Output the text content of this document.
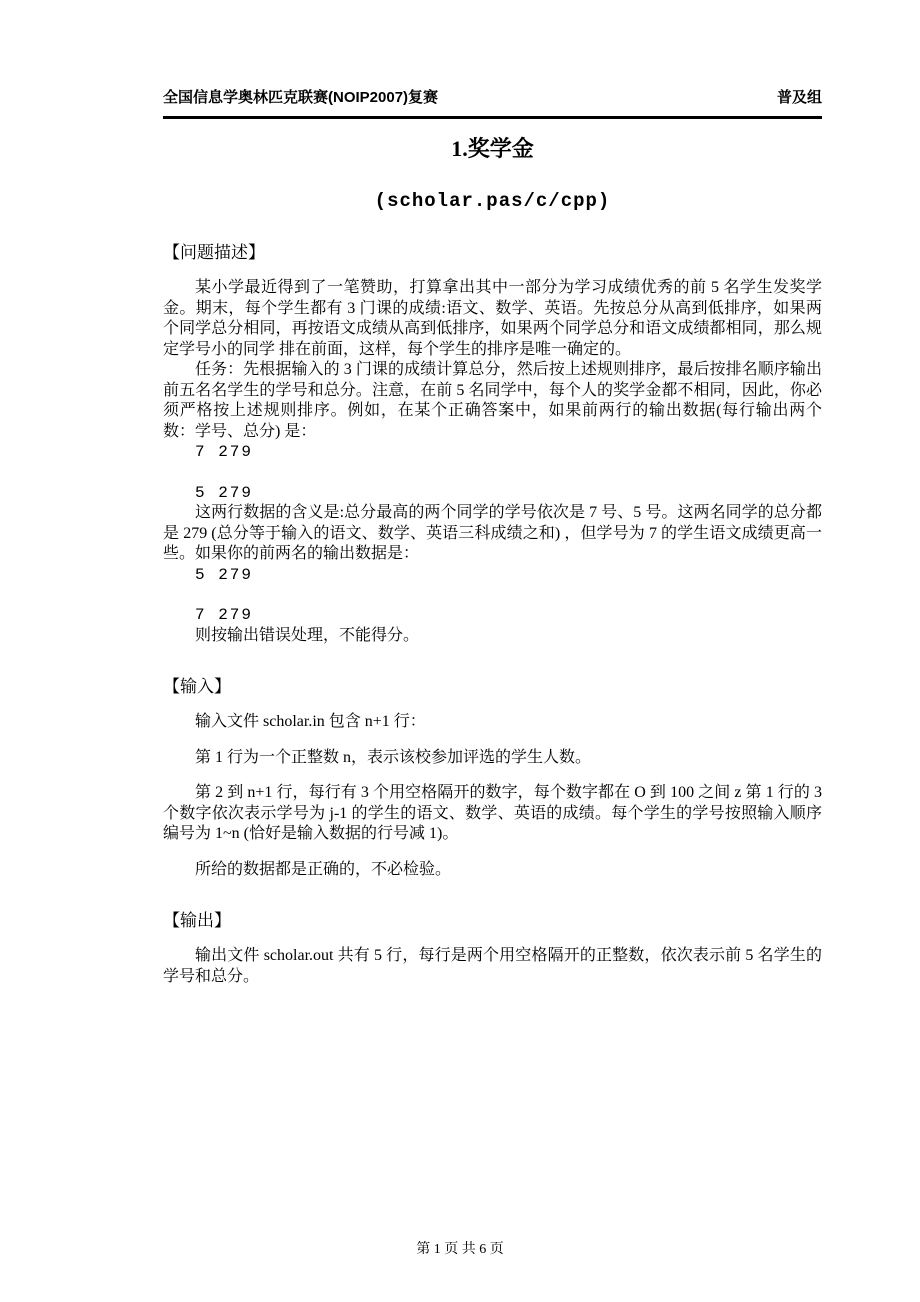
全国信息学奥林匹克联赛(NOIP2007)复赛	普及组
1.奖学金
(scholar.pas/c/cpp)
【问题描述】

某小学最近得到了一笔赞助，打算拿出其中一部分为学习成绩优秀的前 5 名学生发奖学金。期末，每个学生都有 3 门课的成绩:语文、数学、英语。先按总分从高到低排序，如果两个同学总分相同，再按语文成绩从高到低排序，如果两个同学总分和语文成绩都相同，那么规定学号小的同学 排在前面，这样，每个学生的排序是唯一确定的。

任务：先根据输入的 3 门课的成绩计算总分，然后按上述规则排序，最后按排名顺序输出前五名名学生的学号和总分。注意，在前 5 名同学中，每个人的奖学金都不相同，因此，你必须严格按上述规则排序。例如，在某个正确答案中，如果前两行的输出数据(每行输出两个数：学号、总分) 是：

7 279
5 279

这两行数据的含义是:总分最高的两个同学的学号依次是 7 号、5 号。这两名同学的总分都是 279 (总分等于输入的语文、数学、英语三科成绩之和) ，但学号为 7 的学生语文成绩更高一些。如果你的前两名的输出数据是：

5 279
7 279

则按输出错误处理，不能得分。

【输入】

输入文件 scholar.in 包含 n+1 行：

第 1 行为一个正整数 n，表示该校参加评选的学生人数。

第 2 到 n+1 行，每行有 3 个用空格隔开的数字，每个数字都在 O 到 100 之间 z 第 1 行的 3 个数字依次表示学号为 j-1 的学生的语文、数学、英语的成绩。每个学生的学号按照输入顺序编号为 1~n (恰好是输入数据的行号减 1)。

所给的数据都是正确的，不必检验。

【输出】

输出文件 scholar.out 共有 5 行，每行是两个用空格隔开的正整数，依次表示前 5 名学生的学号和总分。

第 1 页 共 6 页
